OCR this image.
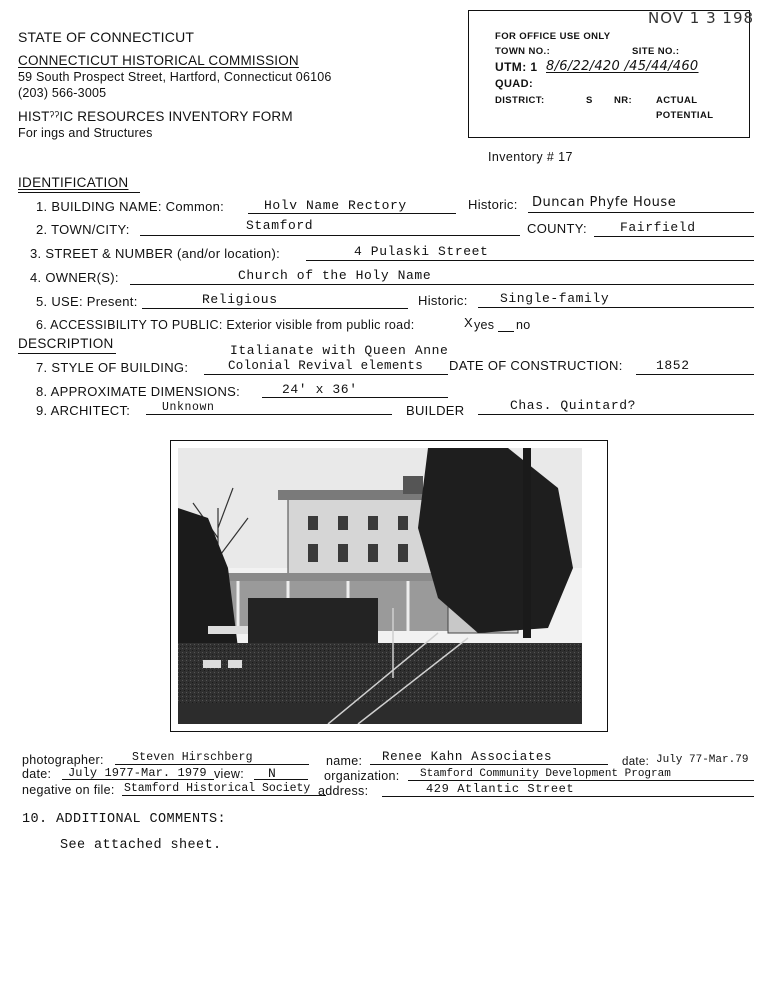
STATE OF CONNECTICUT
CONNECTICUT HISTORICAL COMMISSION
59 South Prospect Street, Hartford, Connecticut 06106
(203) 566-3005
HISTˀˀIC RESOURCES INVENTORY FORM
For ings and Structures
FOR OFFICE USE ONLY
TOWN NO.:	SITE NO.:
UTM: 1 8/6/22/420 /45/44/460
QUAD:
DISTRICT:	S NR:	ACTUAL
POTENTIAL
NOV 1 3 198
Inventory # 17
IDENTIFICATION
1. BUILDING NAME: Common:	Holv Name Rectory	Historic: Duncan Phyfe House
2. TOWN/CITY:	Stamford	COUNTY:	Fairfield
3. STREET & NUMBER (and/or location):	4 Pulaski Street
4. OWNER(S):	Church of the Holy Name
5. USE: Present:	Religious	Historic: Single-family
6. ACCESSIBILITY TO PUBLIC: Exterior visible from public road:	X yes no
DESCRIPTION	Italianate with Queen Anne
7. STYLE OF BUILDING:	Colonial Revival elements DATE OF CONSTRUCTION:	1852
8. APPROXIMATE DIMENSIONS:	24' x 36'
9. ARCHITECT:	Unknown	BUILDER	Chas. Quintard?
photographer: Steven Hirschberg	name: Renee Kahn Associates	date: July 77-Mar.79
date: July 1977-Mar. 1979 view: N	organization: Stamford Community Development Program
negative on file: Stamford Historical Society address:	429 Atlantic Street
10. ADDITIONAL COMMENTS:
See attached sheet.
